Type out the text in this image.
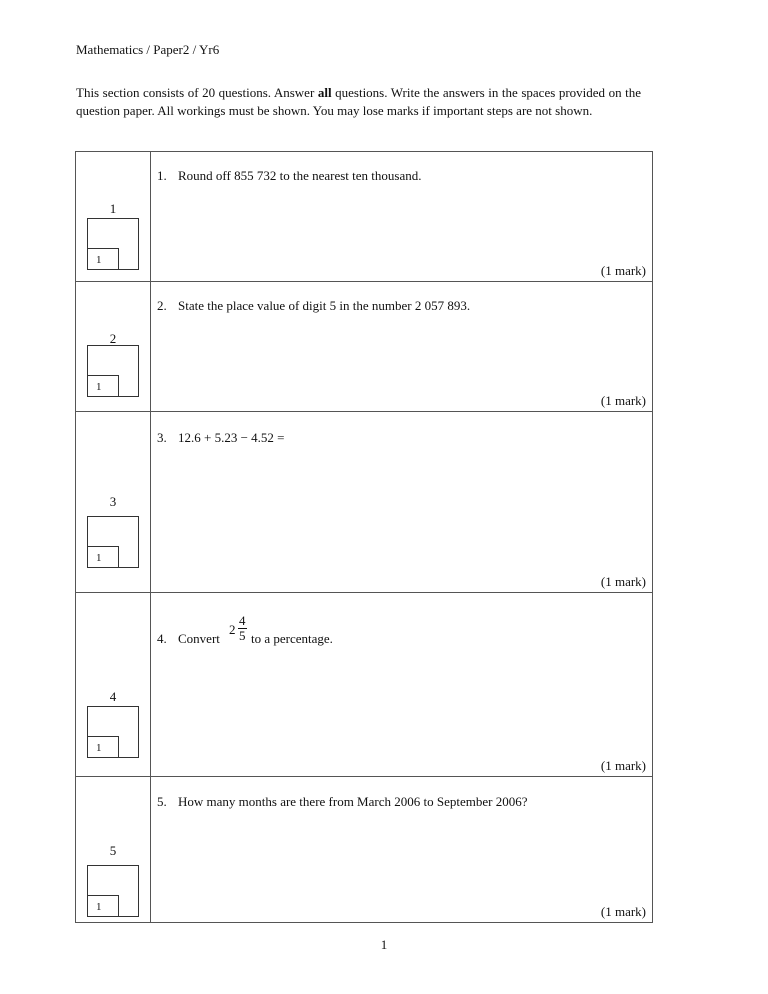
Mathematics / Paper2 / Yr6
This section consists of 20 questions. Answer all questions. Write the answers in the spaces provided on the question paper. All workings must be shown. You may lose marks if important steps are not shown.
1
1
1. Round off 855 732 to the nearest ten thousand.
(1 mark)
2
1
2. State the place value of digit 5 in the number 2 057 893.
(1 mark)
3
1
3. 12.6 + 5.23 − 4.52 =
(1 mark)
4
1
4. Convert
2
4
5 to a percentage.
(1 mark)
5
1
5. How many months are there from March 2006 to September 2006?
(1 mark)
1
